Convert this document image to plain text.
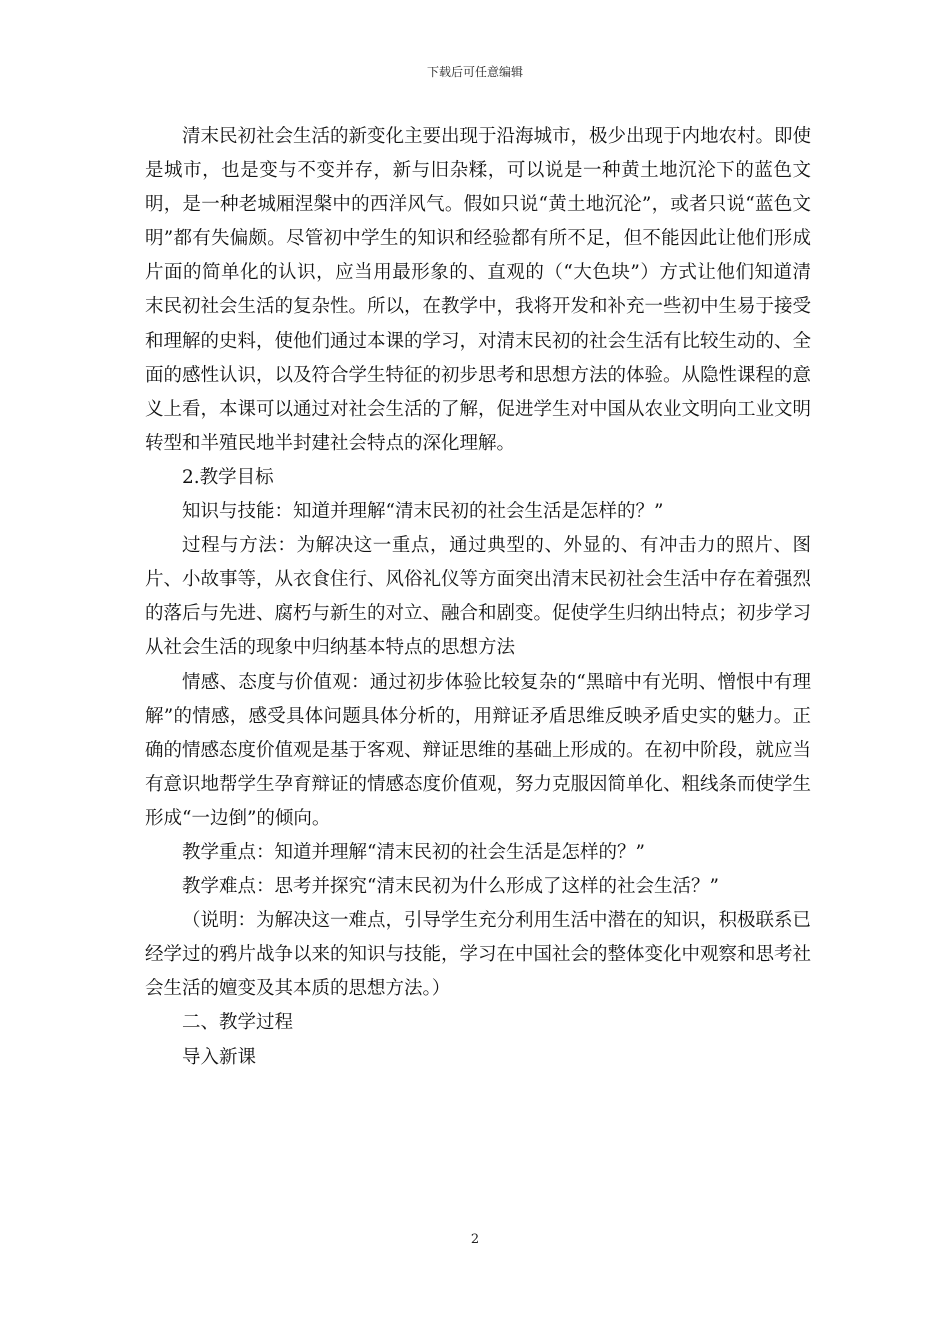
下载后可任意编辑

清末民初社会生活的新变化主要出现于沿海城市，极少出现于内地农村。即使是城市，也是变与不变并存，新与旧杂糅，可以说是一种黄土地沉沦下的蓝色文明，是一种老城厢涅槃中的西洋风气。假如只说“黄土地沉沦”，或者只说“蓝色文明”都有失偏颇。尽管初中学生的知识和经验都有所不足，但不能因此让他们形成片面的简单化的认识，应当用最形象的、直观的（“大色块”）方式让他们知道清末民初社会生活的复杂性。所以，在教学中，我将开发和补充一些初中生易于接受和理解的史料，使他们通过本课的学习，对清末民初的社会生活有比较生动的、全面的感性认识，以及符合学生特征的初步思考和思想方法的体验。从隐性课程的意义上看，本课可以通过对社会生活的了解，促进学生对中国从农业文明向工业文明转型和半殖民地半封建社会特点的深化理解。

2.教学目标

知识与技能：知道并理解“清末民初的社会生活是怎样的？”

过程与方法：为解决这一重点，通过典型的、外显的、有冲击力的照片、图片、小故事等，从衣食住行、风俗礼仪等方面突出清末民初社会生活中存在着强烈的落后与先进、腐朽与新生的对立、融合和剧变。促使学生归纳出特点；初步学习从社会生活的现象中归纳基本特点的思想方法

情感、态度与价值观：通过初步体验比较复杂的“黑暗中有光明、憎恨中有理解”的情感，感受具体问题具体分析的，用辩证矛盾思维反映矛盾史实的魅力。正确的情感态度价值观是基于客观、辩证思维的基础上形成的。在初中阶段，就应当有意识地帮学生孕育辩证的情感态度价值观，努力克服因简单化、粗线条而使学生形成“一边倒”的倾向。

教学重点：知道并理解“清末民初的社会生活是怎样的？”

教学难点：思考并探究“清末民初为什么形成了这样的社会生活？”

（说明：为解决这一难点，引导学生充分利用生活中潜在的知识，积极联系已经学过的鸦片战争以来的知识与技能，学习在中国社会的整体变化中观察和思考社会生活的嬗变及其本质的思想方法。）

二、教学过程

导入新课

2
